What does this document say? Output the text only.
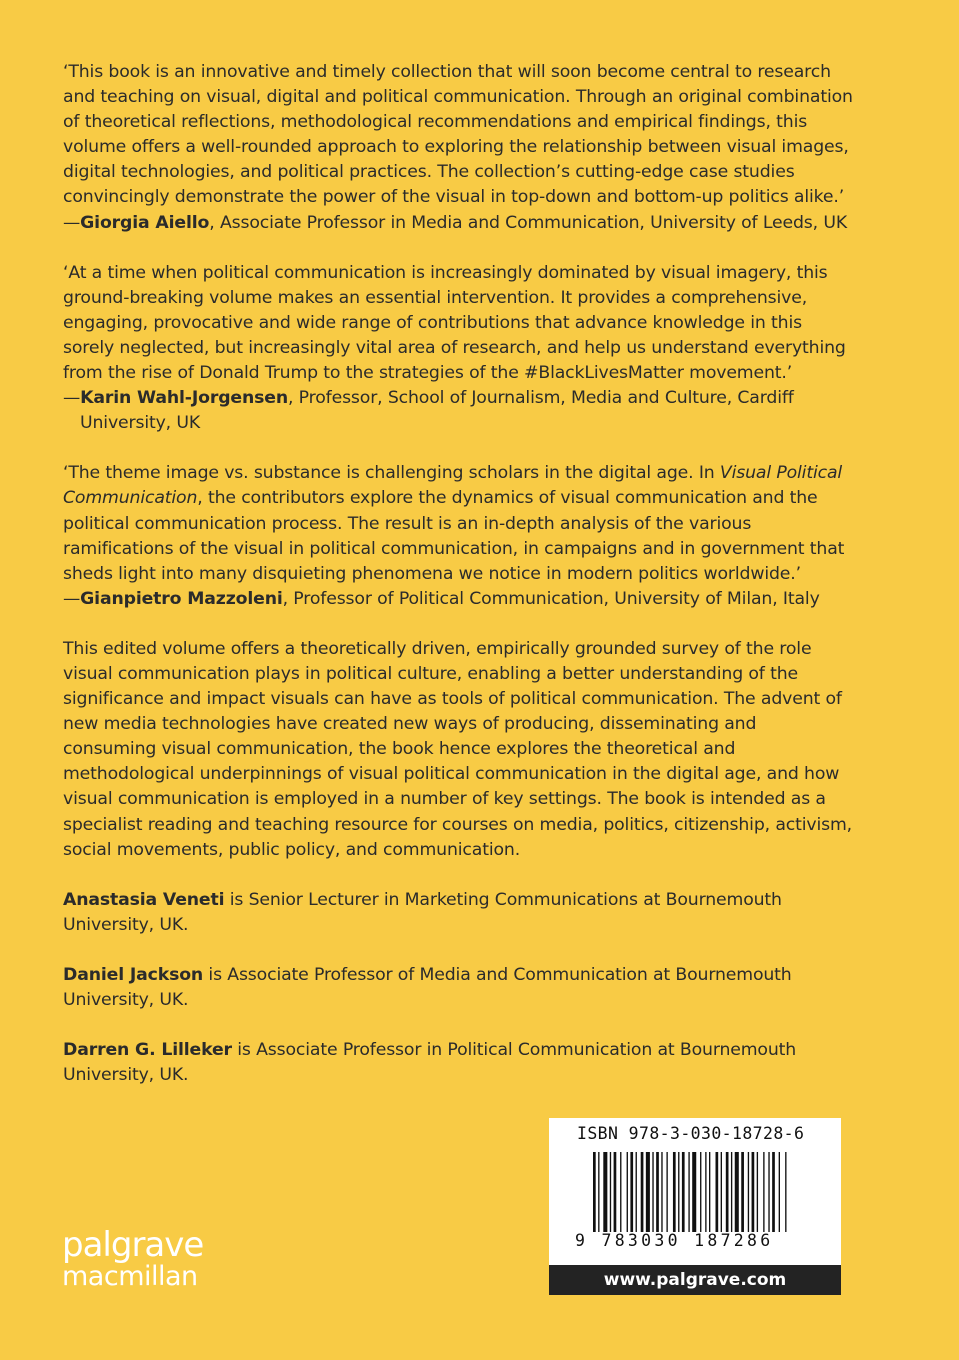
‘This book is an innovative and timely collection that will soon become central to research and teaching on visual, digital and political communication. Through an original combination of theoretical reflections, methodological recommendations and empirical findings, this volume offers a well-rounded approach to exploring the relationship between visual images, digital technologies, and political practices. The collection’s cutting-edge case studies convincingly demonstrate the power of the visual in top-down and bottom-up politics alike.’
—Giorgia Aiello, Associate Professor in Media and Communication, University of Leeds, UK

‘At a time when political communication is increasingly dominated by visual imagery, this ground-breaking volume makes an essential intervention. It provides a comprehensive, engaging, provocative and wide range of contributions that advance knowledge in this sorely neglected, but increasingly vital area of research, and help us understand everything from the rise of Donald Trump to the strategies of the #BlackLivesMatter movement.’
—Karin Wahl-Jorgensen, Professor, School of Journalism, Media and Culture, Cardiff University, UK
‘The theme image vs. substance is challenging scholars in the digital age. In Visual Political Communication, the contributors explore the dynamics of visual communication and the political communication process. The result is an in-depth analysis of the various ramifications of the visual in political communication, in campaigns and in government that sheds light into many disquieting phenomena we notice in modern politics worldwide.’
—Gianpietro Mazzoleni, Professor of Political Communication, University of Milan, Italy

This edited volume offers a theoretically driven, empirically grounded survey of the role visual communication plays in political culture, enabling a better understanding of the significance and impact visuals can have as tools of political communication. The advent of new media technologies have created new ways of producing, disseminating and consuming visual communication, the book hence explores the theoretical and methodological underpinnings of visual political communication in the digital age, and how visual communication is employed in a number of key settings. The book is intended as a specialist reading and teaching resource for courses on media, politics, citizenship, activism, social movements, public policy, and communication.

Anastasia Veneti is Senior Lecturer in Marketing Communications at Bournemouth University, UK.

Daniel Jackson is Associate Professor of Media and Communication at Bournemouth University, UK.

Darren G. Lilleker is Associate Professor in Political Communication at Bournemouth University, UK.

palgrave
macmillan
ISBN 978-3-030-18728-6
9 783030 187286
www.palgrave.com
